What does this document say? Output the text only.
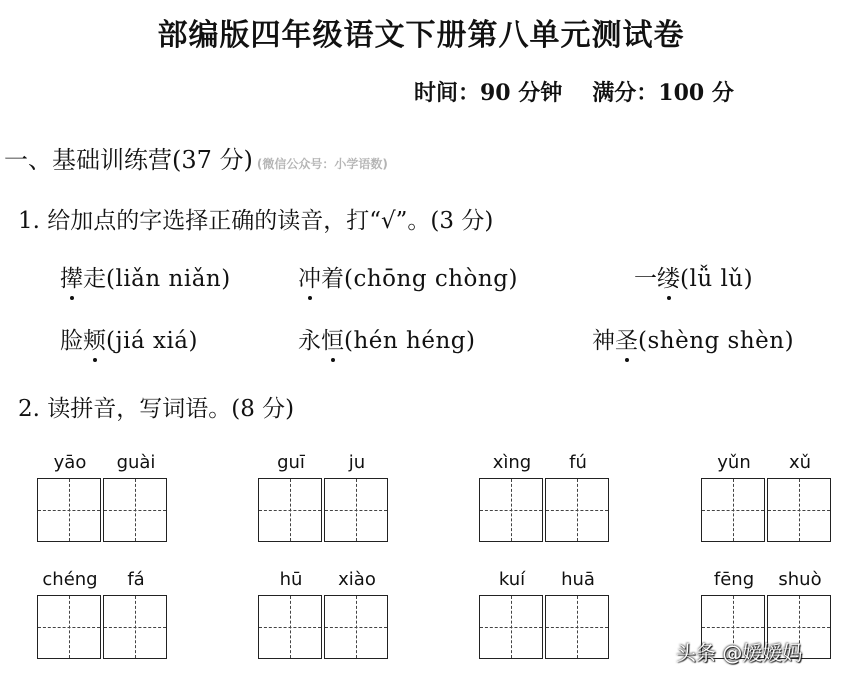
部编版四年级语文下册第八单元测试卷
时间：90 分钟 满分：100 分
一、基础训练营(37 分) (微信公众号：小学语数)
1. 给加点的字选择正确的读音，打“√”。(3 分)
撵走(liǎn niǎn)	冲着(chōng chòng)	一缕(lǚ lǔ)
脸颊(jiá xiá)	永恒(hén héng)	神圣(shèng shèn)
2. 读拼音，写词语。(8 分)
yāo	guài	guī	ju	xìng	fú	yǔn	xǔ
chéng	fá	hū	xiào	kuí	huā	fēng	shuò
头条 @嫒嫒妈
